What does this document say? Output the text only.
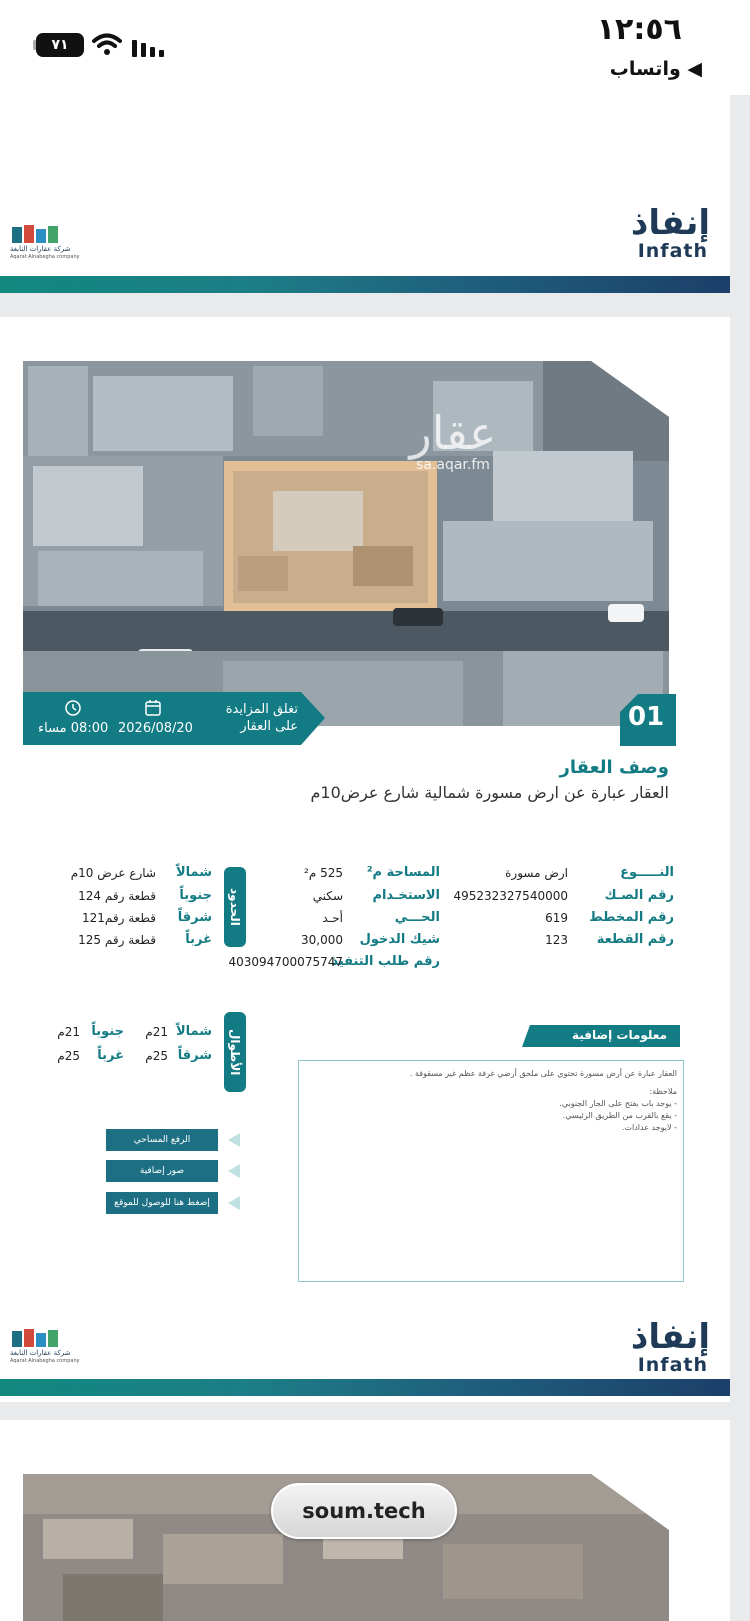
٧١	١٢:٥٦
◀ واتساب
إنفاذ
Infath
شركة عقارات النابغة
Aqarat Alnabegha company
عقار
sa.aqar.fm
تغلق المزايدة
على العقار
2026/08/20
08:00 مساء	01
وصف العقار
العقار عبارة عن ارض مسورة شمالية شارع عرض10م
النـــــوع
ارض مسورة
رقم الصـك
495232327540000
رقم المخطط
619
رقم القطعة
123
المساحة م²
525 م²
الاستخـدام
سكني
الحـــي
أحـد
شيك الدخول
30,000
رقم طلب التنفيذ
403094700075747
الحدود
شمالاً
شارع عرض 10م
جنوباً
قطعة رقم 124
شرقاً
قطعة رقم121
غرباً
قطعة رقم 125
الأطوال
شمالاً
21م
جنوباً
21م
شرقاً
25م
غرباً
25م
معلومات إضافية
العقار عبارة عن أرض مسورة تحتوي على ملحق أرضي غرفة عظم غير مسقوفة .
ملاحظة:
- يوجد باب بفتح على الجار الجنوبي.
- يقع بالقرب من الطريق الرئيسي.
- لايوجد عدادات.
الرفع المساحي
صور إضافية
إضغط هنا للوصول للموقع
إنفاذ
Infath
شركة عقارات النابغة
Aqarat Alnabegha company
soum.tech
